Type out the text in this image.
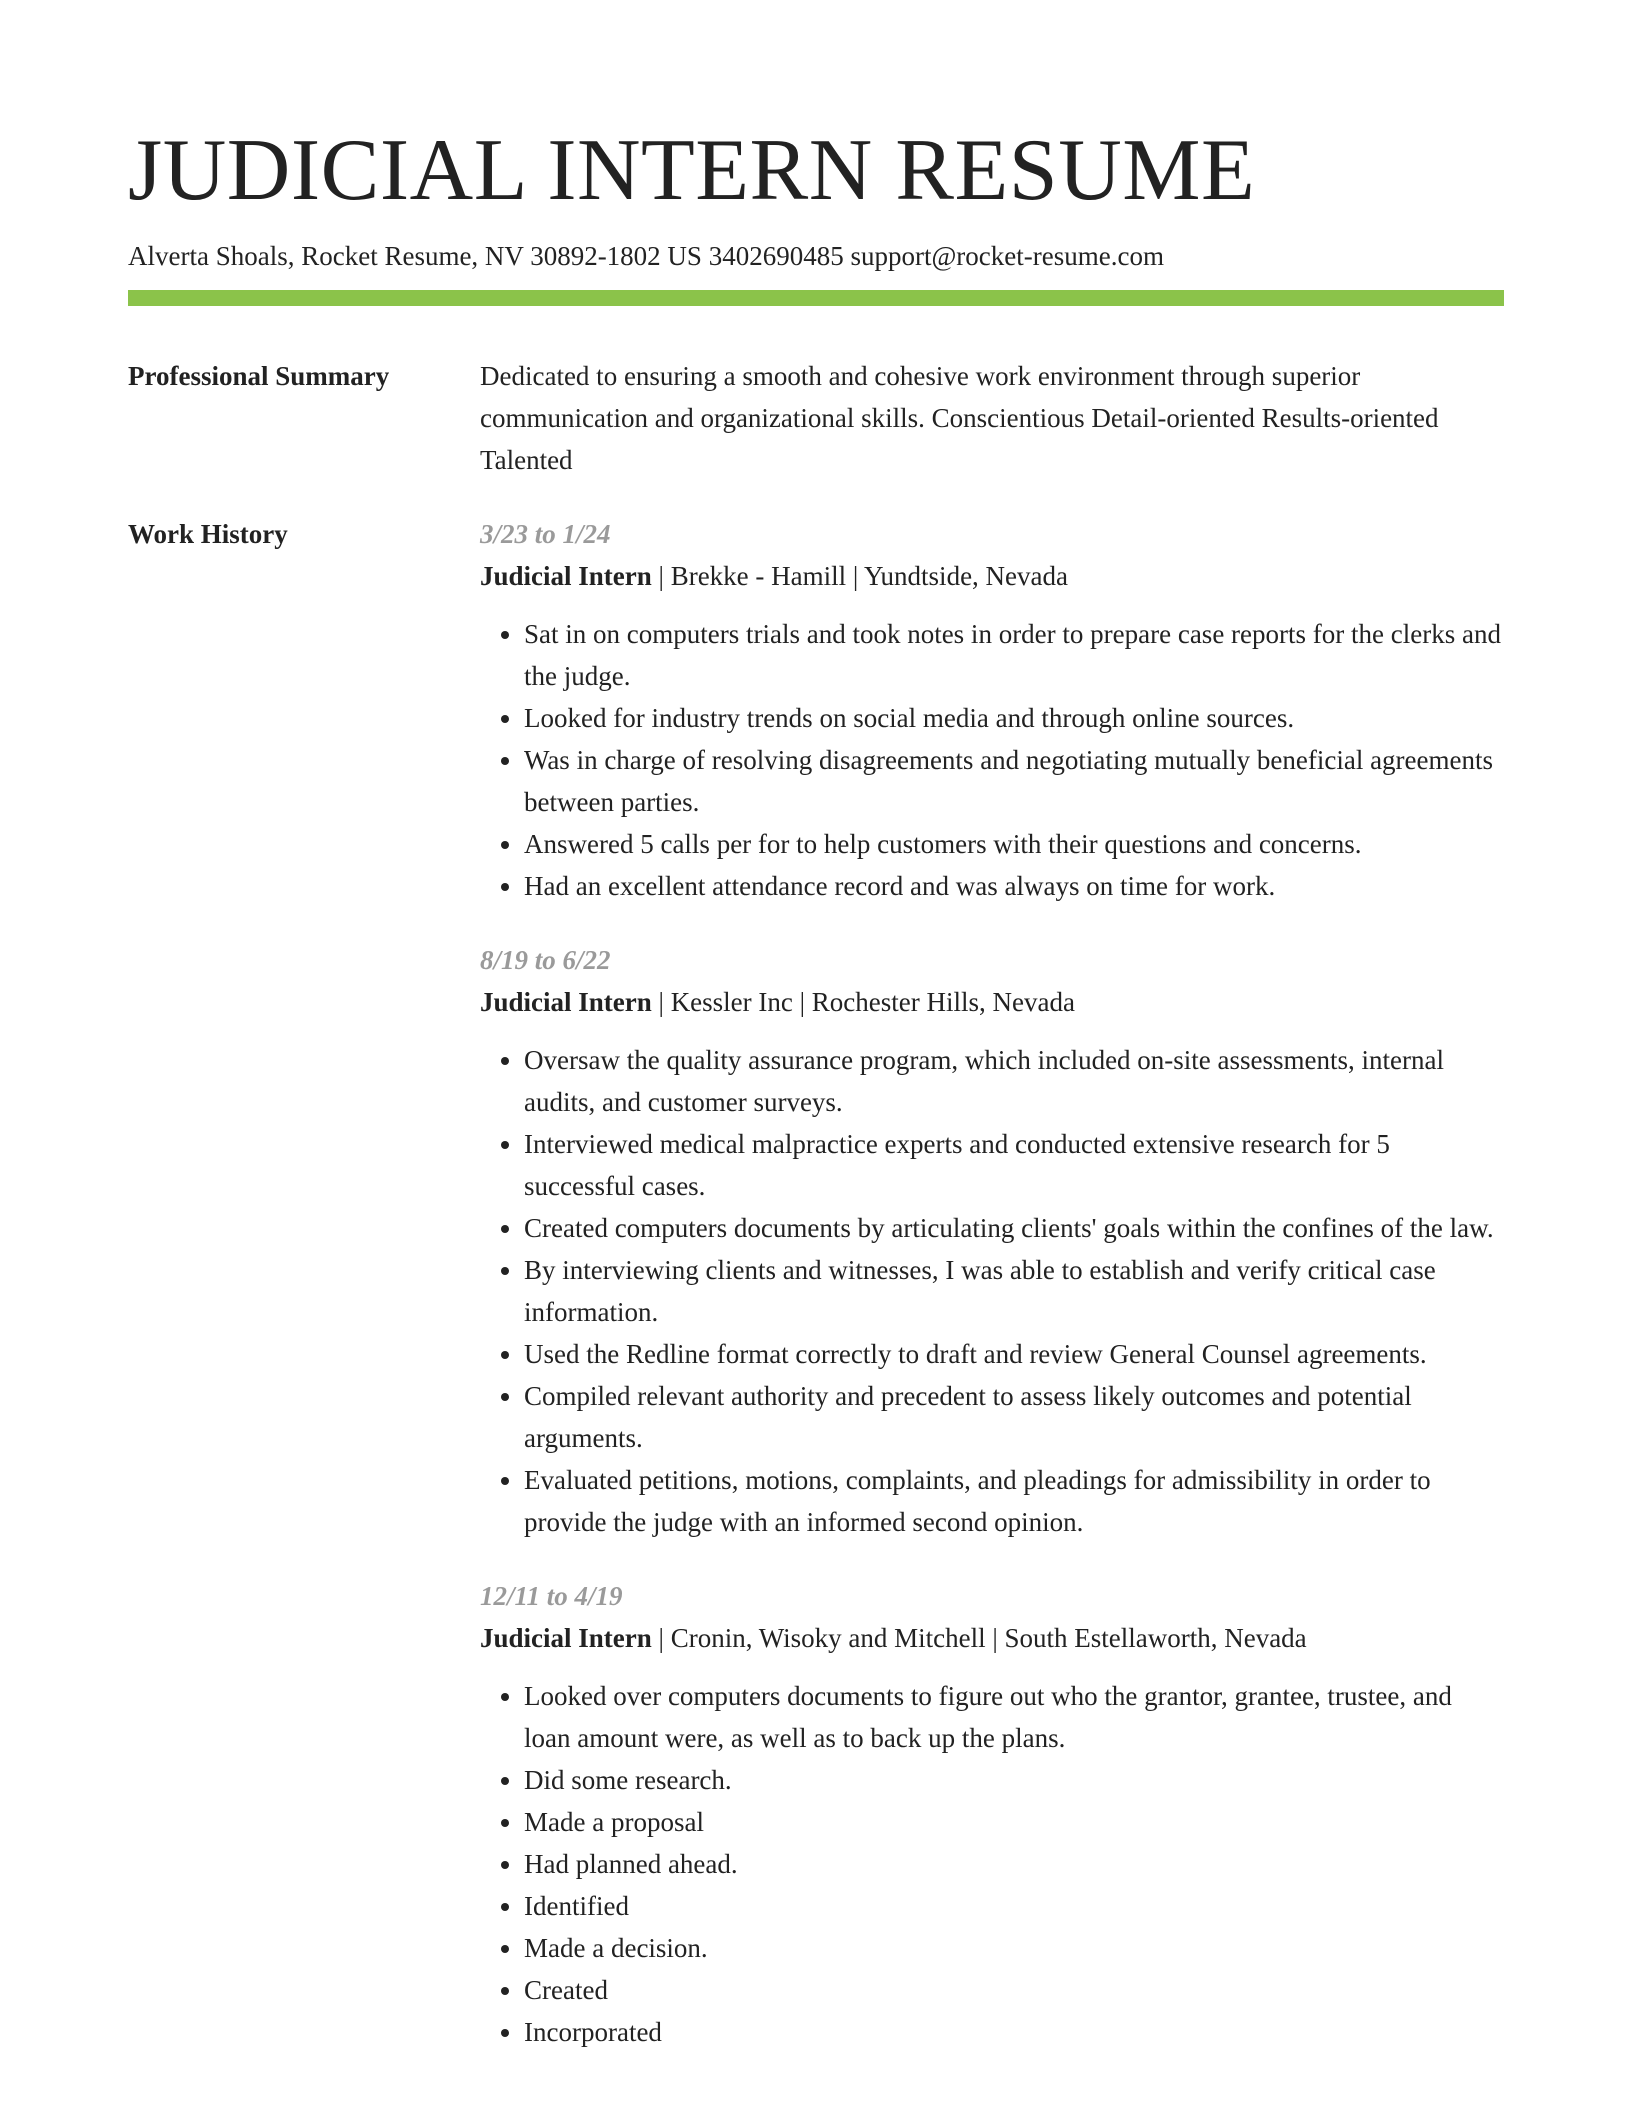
JUDICIAL INTERN RESUME
Alverta Shoals, Rocket Resume, NV 30892-1802 US 3402690485 support@rocket-resume.com
Professional Summary	Dedicated to ensuring a smooth and cohesive work environment through superior communication and organizational skills. Conscientious Detail-oriented Results-oriented Talented

Work History	3/23 to 1/24
Judicial Intern | Brekke - Hamill | Yundtside, Nevada
• Sat in on computers trials and took notes in order to prepare case reports for the clerks and the judge.
• Looked for industry trends on social media and through online sources.
• Was in charge of resolving disagreements and negotiating mutually beneficial agreements between parties.
• Answered 5 calls per for to help customers with their questions and concerns.
• Had an excellent attendance record and was always on time for work.
8/19 to 6/22
Judicial Intern | Kessler Inc | Rochester Hills, Nevada
• Oversaw the quality assurance program, which included on-site assessments, internal audits, and customer surveys.
• Interviewed medical malpractice experts and conducted extensive research for 5 successful cases.
• Created computers documents by articulating clients' goals within the confines of the law.
• By interviewing clients and witnesses, I was able to establish and verify critical case information.
• Used the Redline format correctly to draft and review General Counsel agreements.
• Compiled relevant authority and precedent to assess likely outcomes and potential arguments.
• Evaluated petitions, motions, complaints, and pleadings for admissibility in order to provide the judge with an informed second opinion.
12/11 to 4/19
Judicial Intern | Cronin, Wisoky and Mitchell | South Estellaworth, Nevada
• Looked over computers documents to figure out who the grantor, grantee, trustee, and loan amount were, as well as to back up the plans.
• Did some research.
• Made a proposal
• Had planned ahead.
• Identified
• Made a decision.
• Created
• Incorporated
